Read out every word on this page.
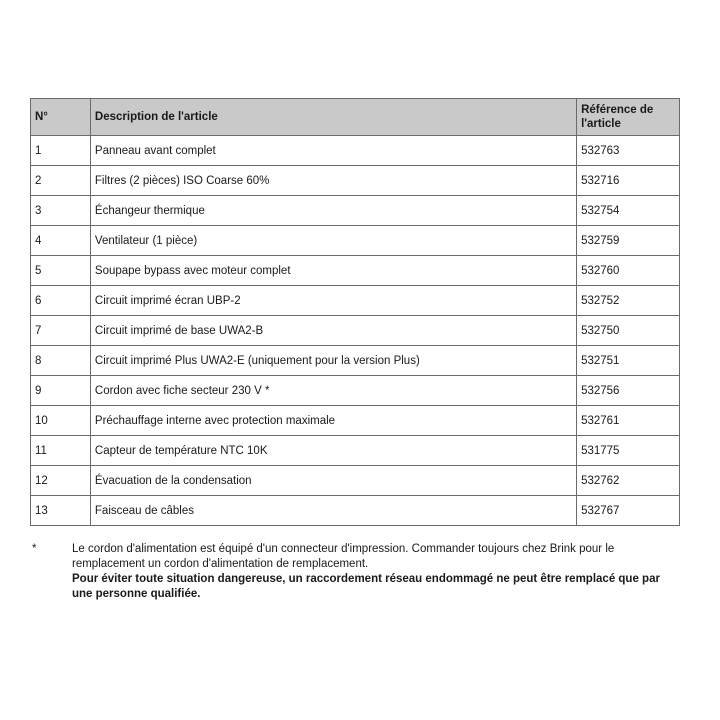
N°	Description de l'article	Référence de l'article
1	Panneau avant complet	532763
2	Filtres (2 pièces) ISO Coarse 60%	532716
3	Échangeur thermique	532754
4	Ventilateur (1 pièce)	532759
5	Soupape bypass avec moteur complet	532760
6	Circuit imprimé écran UBP-2	532752
7	Circuit imprimé de base UWA2-B	532750
8	Circuit imprimé Plus UWA2-E (uniquement pour la version Plus)	532751
9	Cordon avec fiche secteur 230 V *	532756
10	Préchauffage interne avec protection maximale	532761
11	Capteur de température NTC 10K	531775
12	Évacuation de la condensation	532762
13	Faisceau de câbles	532767
*	Le cordon d'alimentation est équipé d'un connecteur d'impression. Commander toujours chez Brink pour le remplacement un cordon d'alimentation de remplacement.
Pour éviter toute situation dangereuse, un raccordement réseau endommagé ne peut être remplacé que par une personne qualifiée.
